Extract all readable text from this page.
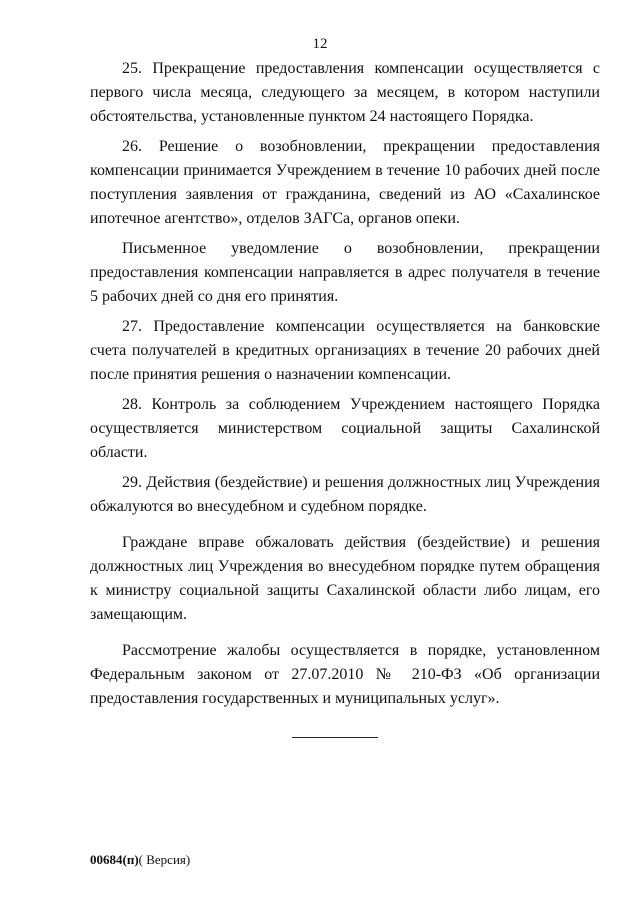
12

25. Прекращение предоставления компенсации осуществляется с первого числа месяца, следующего за месяцем, в котором наступили обстоятельства, установленные пунктом 24 настоящего Порядка.

26. Решение о возобновлении, прекращении предоставления компенсации принимается Учреждением в течение 10 рабочих дней после поступления заявления от гражданина, сведений из АО «Сахалинское ипотечное агентство», отделов ЗАГСа, органов опеки.

Письменное уведомление о возобновлении, прекращении предоставления компенсации направляется в адрес получателя в течение 5 рабочих дней со дня его принятия.

27. Предоставление компенсации осуществляется на банковские счета получателей в кредитных организациях в течение 20 рабочих дней после принятия решения о назначении компенсации.

28. Контроль за соблюдением Учреждением настоящего Порядка осуществляется министерством социальной защиты Сахалинской области.

29. Действия (бездействие) и решения должностных лиц Учреждения обжалуются во внесудебном и судебном порядке.

Граждане вправе обжаловать действия (бездействие) и решения должностных лиц Учреждения во внесудебном порядке путем обращения к министру социальной защиты Сахалинской области либо лицам, его замещающим.

Рассмотрение жалобы осуществляется в порядке, установленном Федеральным законом от 27.07.2010 № 210-ФЗ «Об организации предоставления государственных и муниципальных услуг».

00684(п)( Версия)
